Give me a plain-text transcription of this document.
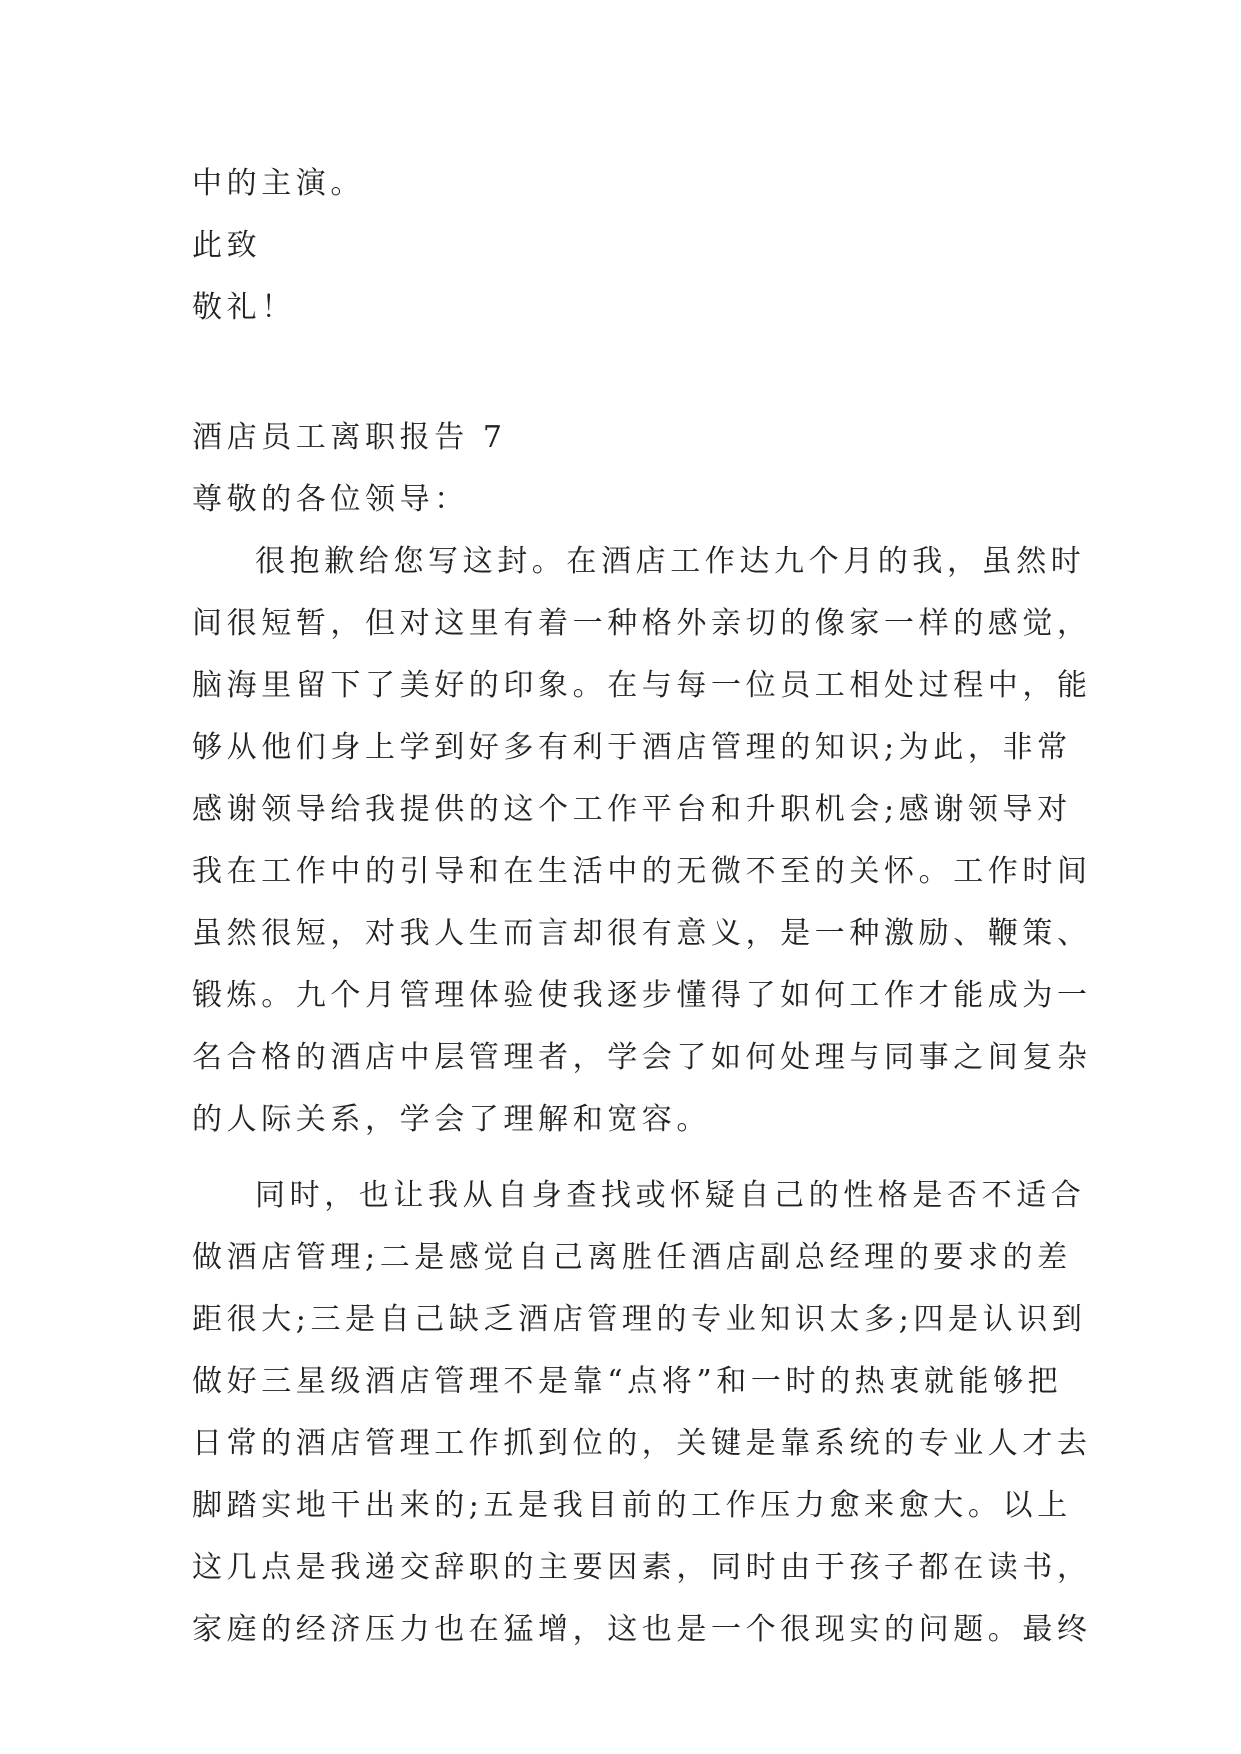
中的主演。
此致
敬礼！
酒店员工离职报告 7
尊敬的各位领导：
很抱歉给您写这封。在酒店工作达九个月的我，虽然时
间很短暂，但对这里有着一种格外亲切的像家一样的感觉，
脑海里留下了美好的印象。在与每一位员工相处过程中，能
够从他们身上学到好多有利于酒店管理的知识;为此，非常
感谢领导给我提供的这个工作平台和升职机会;感谢领导对
我在工作中的引导和在生活中的无微不至的关怀。工作时间
虽然很短，对我人生而言却很有意义，是一种激励、鞭策、
锻炼。九个月管理体验使我逐步懂得了如何工作才能成为一
名合格的酒店中层管理者，学会了如何处理与同事之间复杂
的人际关系，学会了理解和宽容。
同时，也让我从自身查找或怀疑自己的性格是否不适合
做酒店管理;二是感觉自己离胜任酒店副总经理的要求的差
距很大;三是自己缺乏酒店管理的专业知识太多;四是认识到
做好三星级酒店管理不是靠“点将”和一时的热衷就能够把
日常的酒店管理工作抓到位的，关键是靠系统的专业人才去
脚踏实地干出来的;五是我目前的工作压力愈来愈大。以上
这几点是我递交辞职的主要因素，同时由于孩子都在读书，
家庭的经济压力也在猛增，这也是一个很现实的问题。最终
